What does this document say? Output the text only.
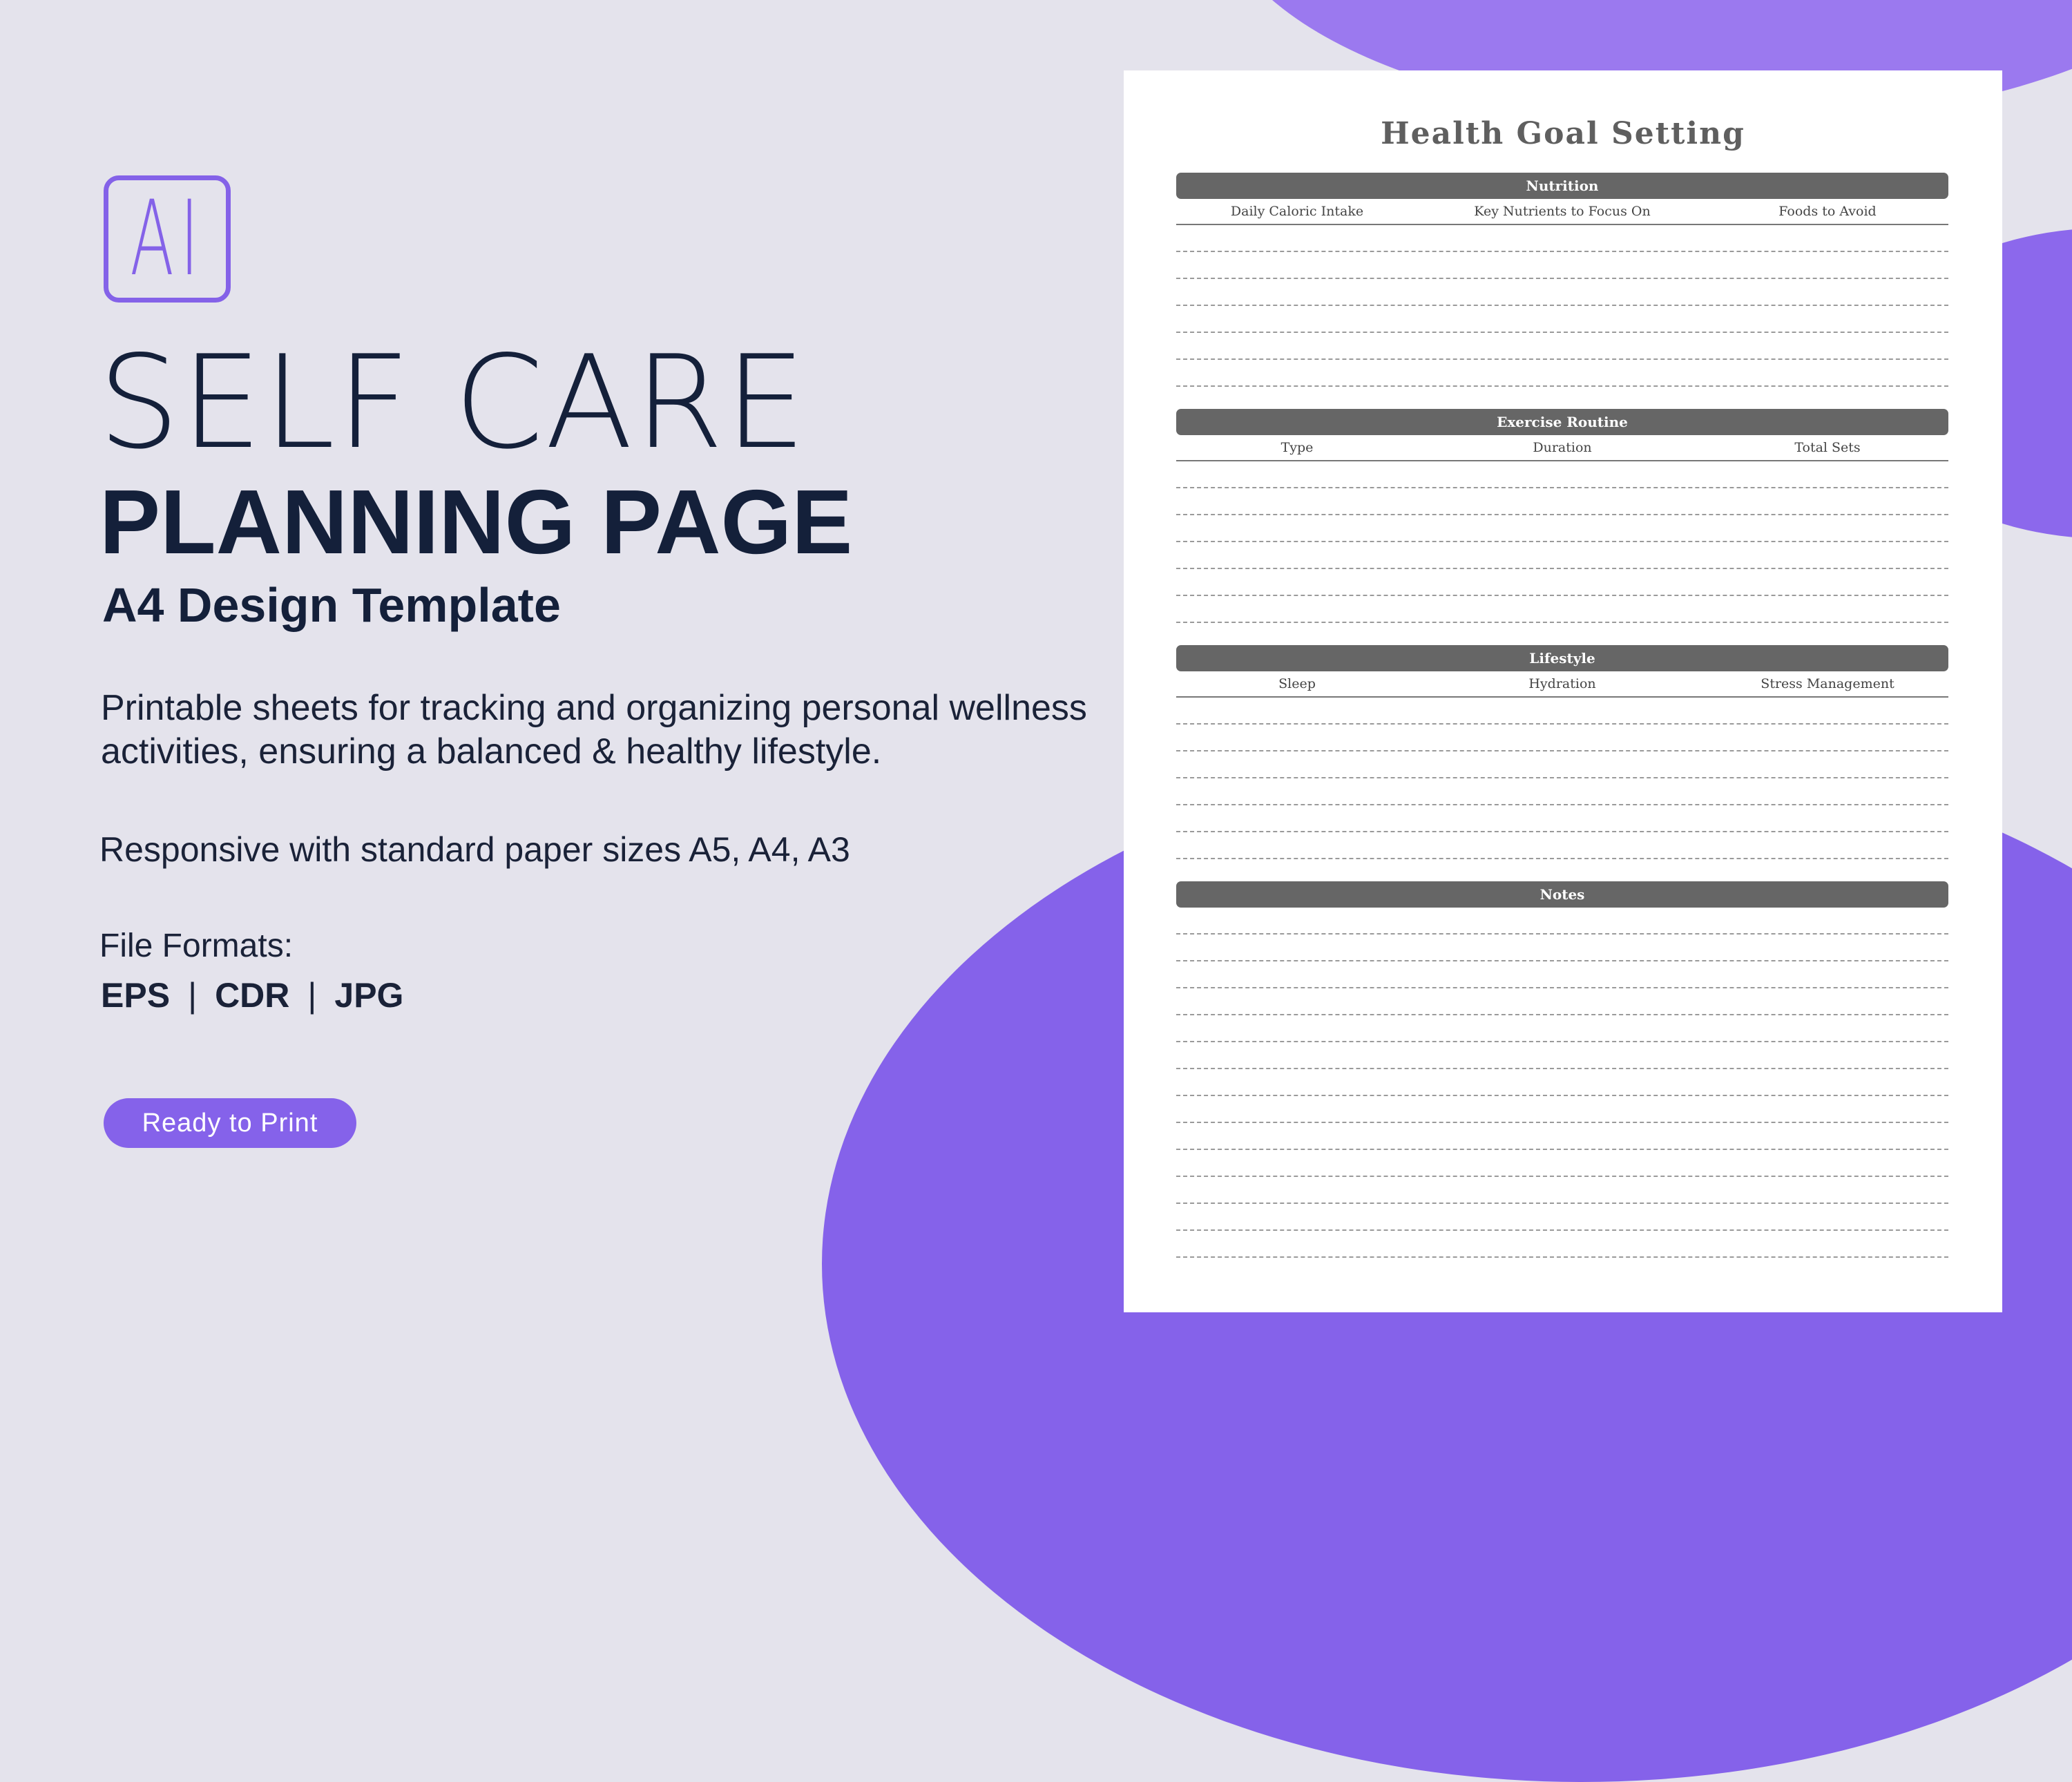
AI
SELF CARE
PLANNING PAGE
A4 Design Template

Printable sheets for tracking and organizing personal wellness activities, ensuring a balanced & healthy lifestyle.

Responsive with standard paper sizes A5, A4, A3

File Formats:

EPS | CDR | JPG
Ready to Print
Health Goal Setting
Nutrition
Daily Caloric Intake	Key Nutrients to Focus On	Foods to Avoid
Exercise Routine
Type	Duration	Total Sets
Lifestyle
Sleep	Hydration	Stress Management
Notes
